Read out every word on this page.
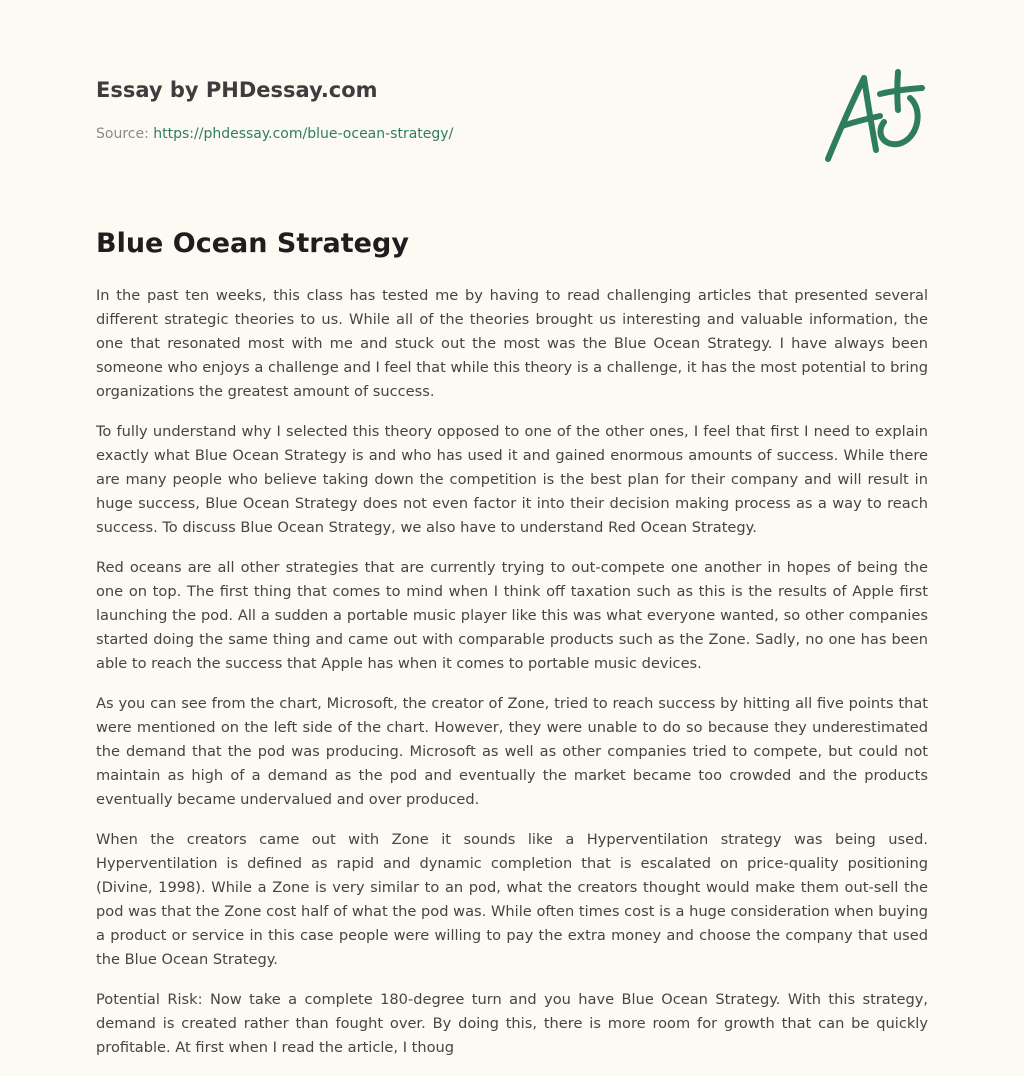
Essay by PHDessay.com
Source: https://phdessay.com/blue-ocean-strategy/
Blue Ocean Strategy

In the past ten weeks, this class has tested me by having to read challenging articles that presented several different strategic theories to us. While all of the theories brought us interesting and valuable information, the one that resonated most with me and stuck out the most was the Blue Ocean Strategy. I have always been someone who enjoys a challenge and I feel that while this theory is a challenge, it has the most potential to bring organizations the greatest amount of success.

To fully understand why I selected this theory opposed to one of the other ones, I feel that first I need to explain exactly what Blue Ocean Strategy is and who has used it and gained enormous amounts of success. While there are many people who believe taking down the competition is the best plan for their company and will result in huge success, Blue Ocean Strategy does not even factor it into their decision making process as a way to reach success. To discuss Blue Ocean Strategy, we also have to understand Red Ocean Strategy.

Red oceans are all other strategies that are currently trying to out-compete one another in hopes of being the one on top. The first thing that comes to mind when I think off taxation such as this is the results of Apple first launching the pod. All a sudden a portable music player like this was what everyone wanted, so other companies started doing the same thing and came out with comparable products such as the Zone. Sadly, no one has been able to reach the success that Apple has when it comes to portable music devices.

As you can see from the chart, Microsoft, the creator of Zone, tried to reach success by hitting all five points that were mentioned on the left side of the chart. However, they were unable to do so because they underestimated the demand that the pod was producing. Microsoft as well as other companies tried to compete, but could not maintain as high of a demand as the pod and eventually the market became too crowded and the products eventually became undervalued and over produced.

When the creators came out with Zone it sounds like a Hyperventilation strategy was being used. Hyperventilation is defined as rapid and dynamic completion that is escalated on price-quality positioning (Divine, 1998). While a Zone is very similar to an pod, what the creators thought would make them out-sell the pod was that the Zone cost half of what the pod was. While often times cost is a huge consideration when buying a product or service in this case people were willing to pay the extra money and choose the company that used the Blue Ocean Strategy.

Potential Risk: Now take a complete 180-degree turn and you have Blue Ocean Strategy. With this strategy, demand is created rather than fought over. By doing this, there is more room for growth that can be quickly profitable. At first when I read the article, I thoug
